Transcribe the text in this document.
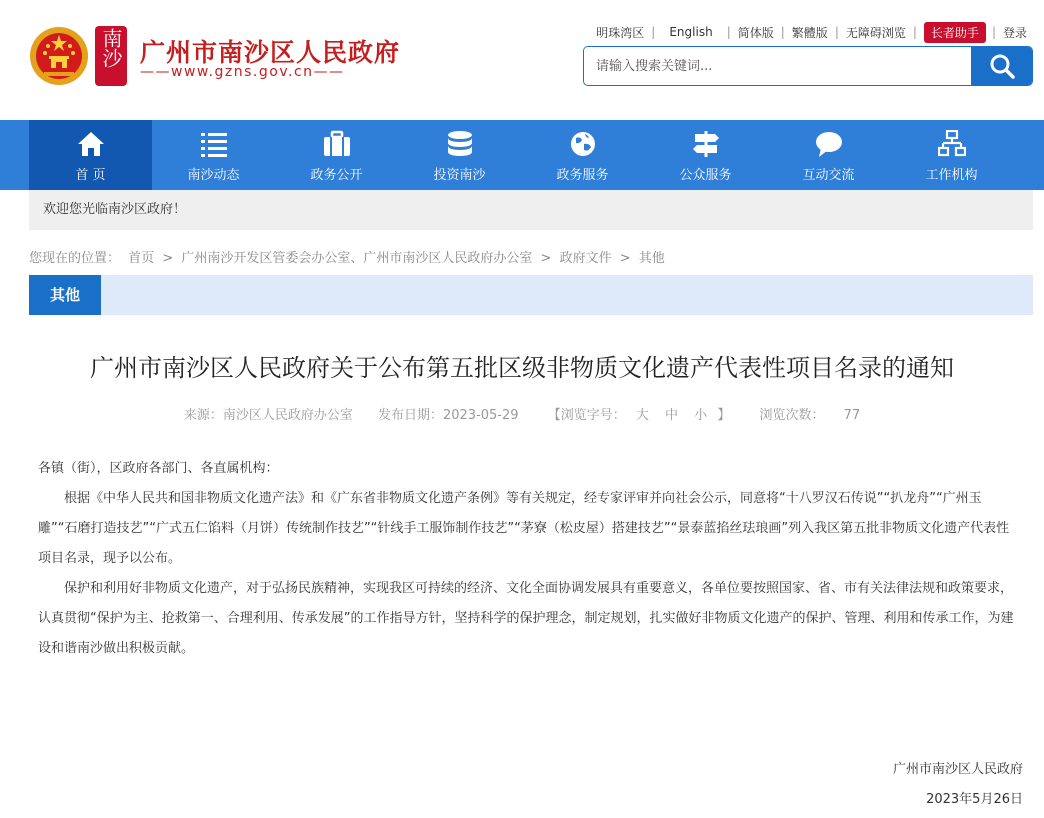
南沙 广州市南沙区人民政府
——www.gzns.gov.cn——
明珠湾区 |	English	| 简体版 | 繁體版 | 无障碍浏览 |	长者助手	| 登录
请输入搜索关键词...
首 页	南沙动态	政务公开	投资南沙	政务服务	公众服务	互动交流	工作机构
欢迎您光临南沙区政府！
您现在的位置： 首页 > 广州南沙开发区管委会办公室、广州市南沙区人民政府办公室 > 政府文件 > 其他
其他
广州市南沙区人民政府关于公布第五批区级非物质文化遗产代表性项目名录的通知
来源：南沙区人民政府办公室 发布日期：2023-05-29 【浏览字号： 大 中 小 】 浏览次数： 77

各镇（街），区政府各部门、各直属机构：

根据《中华人民共和国非物质文化遗产法》和《广东省非物质文化遗产条例》等有关规定，经专家评审并向社会公示，同意将“十八罗汉石传说”“扒龙舟”“广州玉雕”“石磨打造技艺”“广式五仁馅料（月饼）传统制作技艺”“针线手工服饰制作技艺”“茅寮（松皮屋）搭建技艺”“景泰蓝掐丝珐琅画”列入我区第五批非物质文化遗产代表性项目名录，现予以公布。

保护和利用好非物质文化遗产，对于弘扬民族精神，实现我区可持续的经济、文化全面协调发展具有重要意义，各单位要按照国家、省、市有关法律法规和政策要求，认真贯彻“保护为主、抢救第一、合理利用、传承发展”的工作指导方针，坚持科学的保护理念，制定规划，扎实做好非物质文化遗产的保护、管理、利用和传承工作，为建设和谐南沙做出积极贡献。

广州市南沙区人民政府
2023年5月26日
